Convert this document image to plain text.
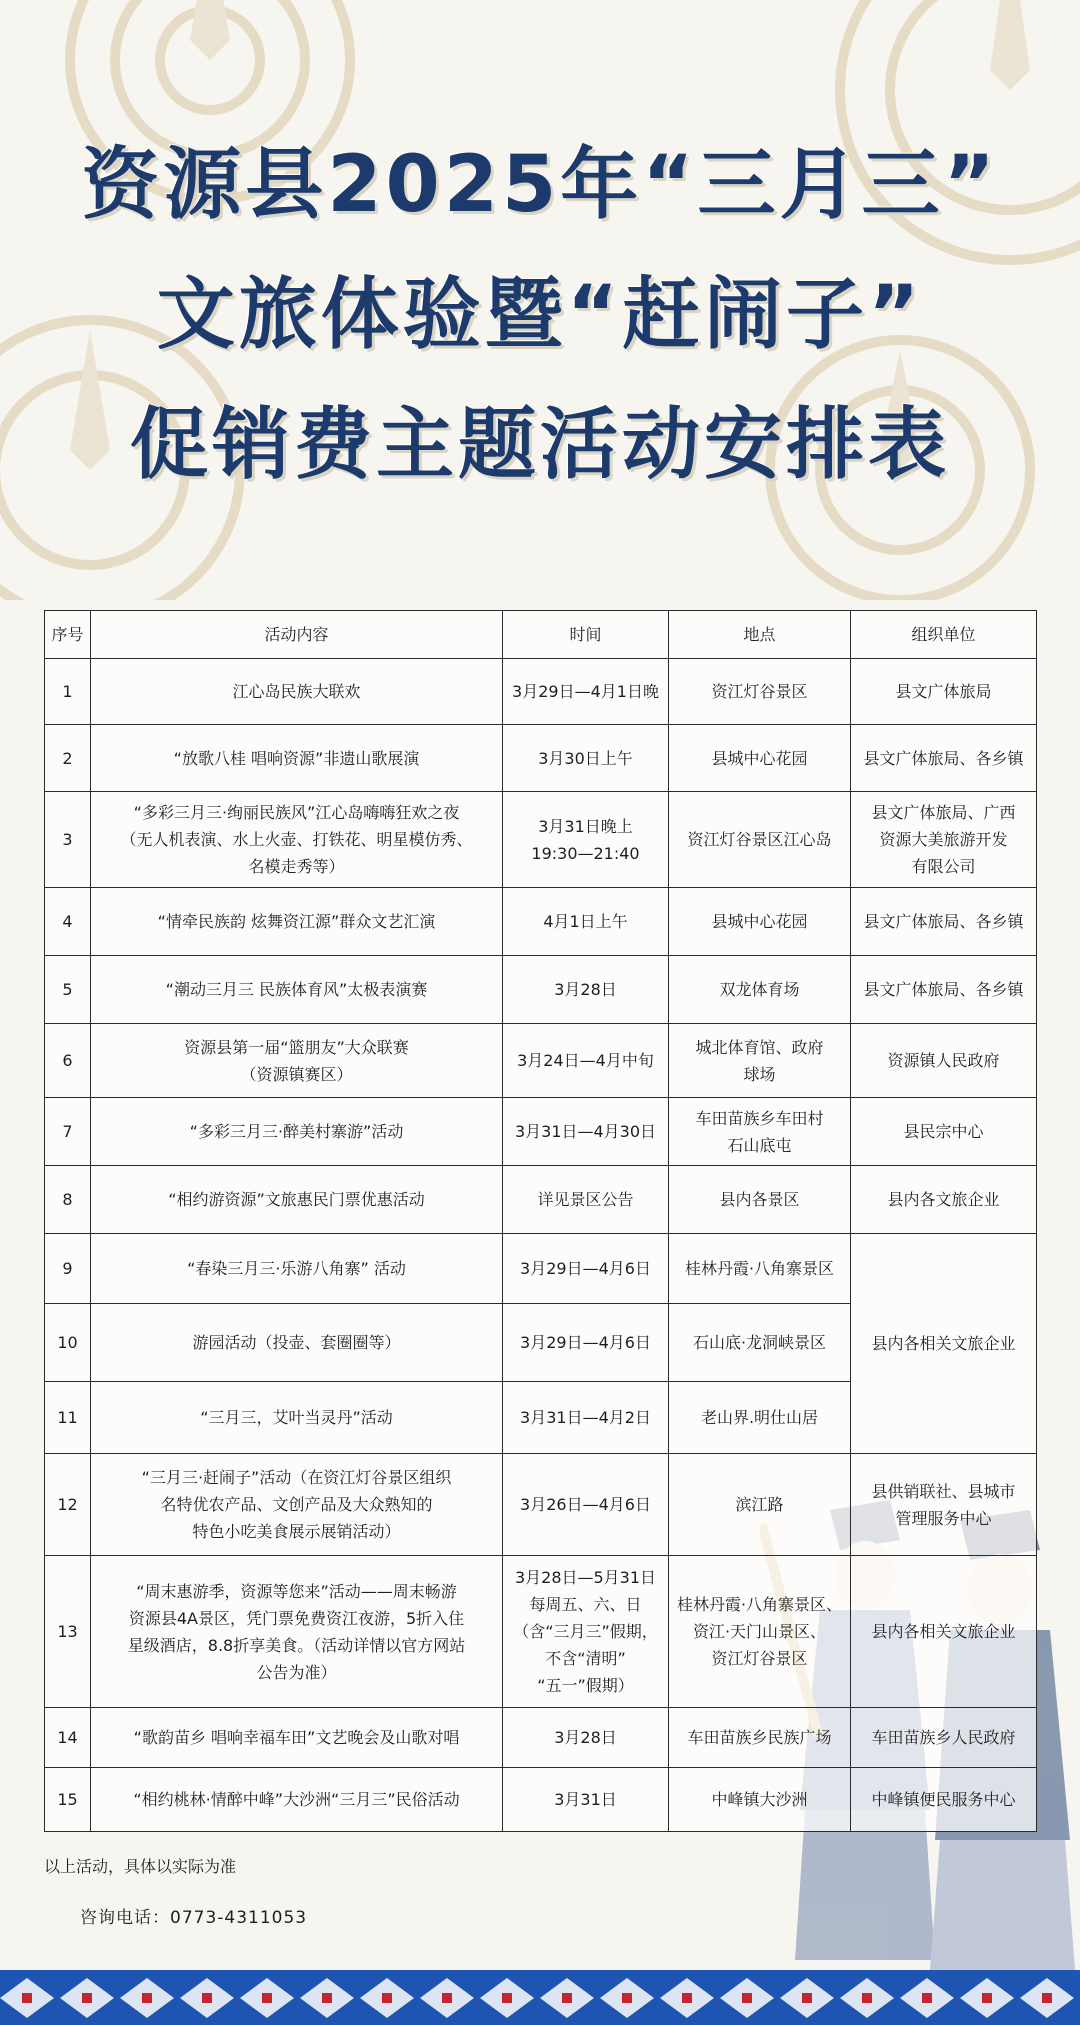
资源县2025年“三月三”
文旅体验暨“赶闹子”
促销费主题活动安排表
序号	活动内容	时间	地点	组织单位
1	江心岛民族大联欢	3月29日—4月1日晚	资江灯谷景区	县文广体旅局
2	“放歌八桂 唱响资源”非遗山歌展演	3月30日上午	县城中心花园	县文广体旅局、各乡镇
3	“多彩三月三·绚丽民族风”江心岛嗨嗨狂欢之夜
（无人机表演、水上火壶、打铁花、明星模仿秀、
名模走秀等）	3月31日晚上
19:30—21:40	资江灯谷景区江心岛	县文广体旅局、广西
资源大美旅游开发
有限公司
4	“情牵民族韵 炫舞资江源”群众文艺汇演	4月1日上午	县城中心花园	县文广体旅局、各乡镇
5	“潮动三月三 民族体育风”太极表演赛	3月28日	双龙体育场	县文广体旅局、各乡镇
6	资源县第一届“篮朋友”大众联赛
（资源镇赛区）	3月24日—4月中旬	城北体育馆、政府
球场	资源镇人民政府
7	“多彩三月三·醉美村寨游”活动	3月31日—4月30日	车田苗族乡车田村
石山底屯	县民宗中心
8	“相约游资源”文旅惠民门票优惠活动	详见景区公告	县内各景区	县内各文旅企业
9	“春染三月三·乐游八角寨” 活动	3月29日—4月6日	桂林丹霞·八角寨景区	县内各相关文旅企业
10	游园活动（投壶、套圈圈等）	3月29日—4月6日	石山底·龙洞峡景区	
11	“三月三，艾叶当灵丹”活动	3月31日—4月2日	老山界.明仕山居	
12	“三月三·赶闹子”活动（在资江灯谷景区组织
名特优农产品、文创产品及大众熟知的
特色小吃美食展示展销活动）	3月26日—4月6日	滨江路	县供销联社、县城市
管理服务中心
13	“周末惠游季，资源等您来”活动——周末畅游
资源县4A景区，凭门票免费资江夜游，5折入住
星级酒店，8.8折享美食。（活动详情以官方网站
公告为准）	3月28日—5月31日
每周五、六、日
（含“三月三”假期，
不含“清明”
“五一”假期）	桂林丹霞·八角寨景区、
资江·天门山景区、
资江灯谷景区	县内各相关文旅企业
14	“歌韵苗乡 唱响幸福车田”文艺晚会及山歌对唱	3月28日	车田苗族乡民族广场	车田苗族乡人民政府
15	“相约桃林·情醉中峰”大沙洲“三月三”民俗活动	3月31日	中峰镇大沙洲	中峰镇便民服务中心
以上活动，具体以实际为准
咨询电话：0773-4311053
